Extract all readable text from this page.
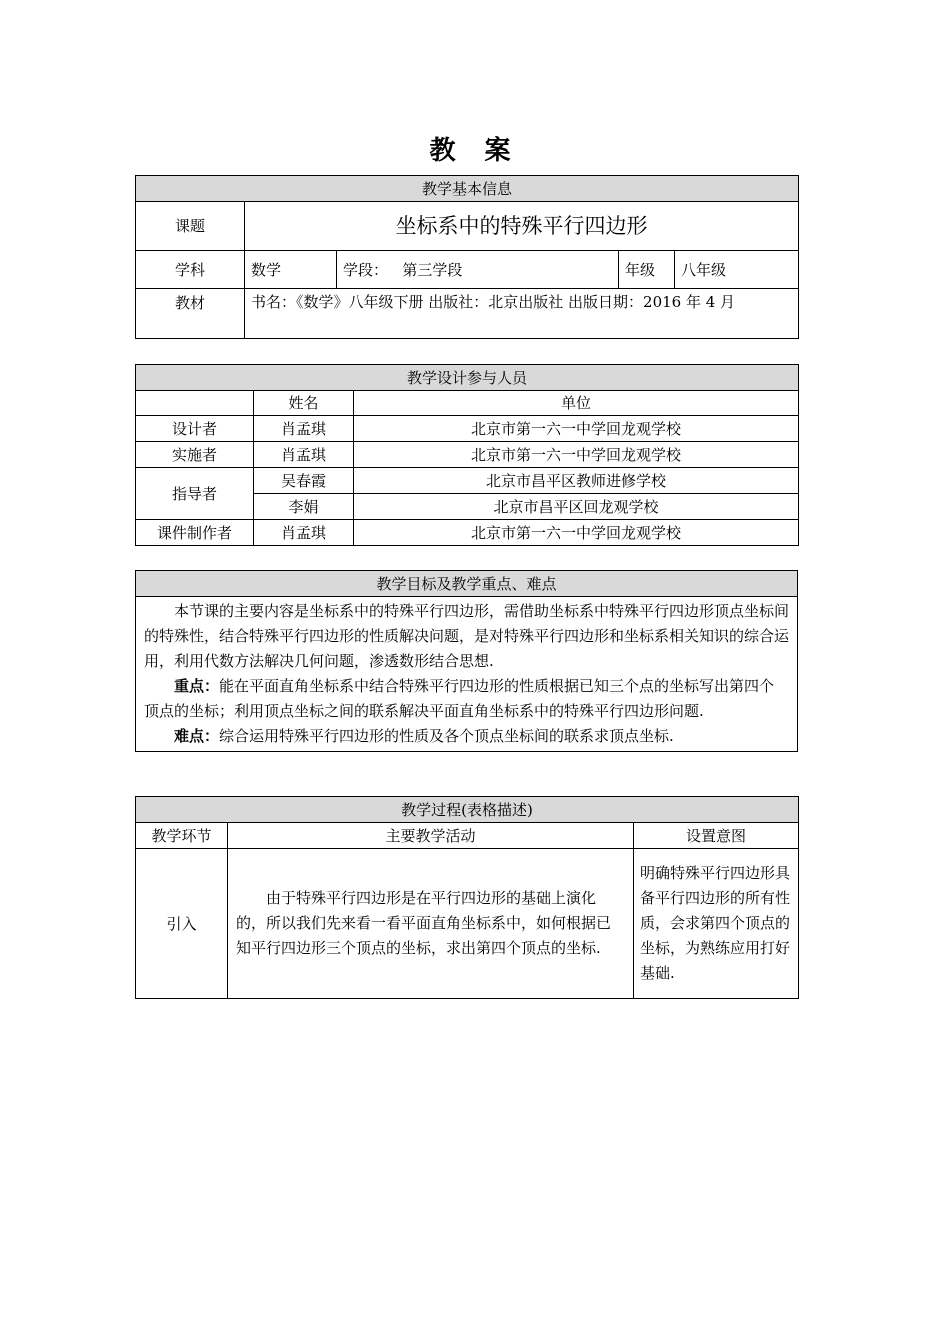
教 案
教学基本信息				
课题	坐标系中的特殊平行四边形			
学科	数学	学段： 第三学段	年级	八年级
教材	书名：《数学》八年级下册 出版社：北京出版社 出版日期：2016 年 4 月			
教学设计参与人员		
	姓名	单位
设计者	肖孟琪	北京市第一六一中学回龙观学校
实施者	肖孟琪	北京市第一六一中学回龙观学校
指导者	吴春霞	北京市昌平区教师进修学校
	李娟	北京市昌平区回龙观学校
课件制作者	肖孟琪	北京市第一六一中学回龙观学校
教学目标及教学重点、难点

本节课的主要内容是坐标系中的特殊平行四边形，需借助坐标系中特殊平行四边形顶点坐标间的特殊性，结合特殊平行四边形的性质解决问题，是对特殊平行四边形和坐标系相关知识的综合运用，利用代数方法解决几何问题，渗透数形结合思想.

重点：能在平面直角坐标系中结合特殊平行四边形的性质根据已知三个点的坐标写出第四个顶点的坐标；利用顶点坐标之间的联系解决平面直角坐标系中的特殊平行四边形问题.

难点：综合运用特殊平行四边形的性质及各个顶点坐标间的联系求顶点坐标.

教学过程(表格描述)		
教学环节	主要教学活动	设置意图
引入	由于特殊平行四边形是在平行四边形的基础上演化的，所以我们先来看一看平面直角坐标系中，如何根据已知平行四边形三个顶点的坐标，求出第四个顶点的坐标.	明确特殊平行四边形具备平行四边形的所有性质，会求第四个顶点的坐标，为熟练应用打好基础.
